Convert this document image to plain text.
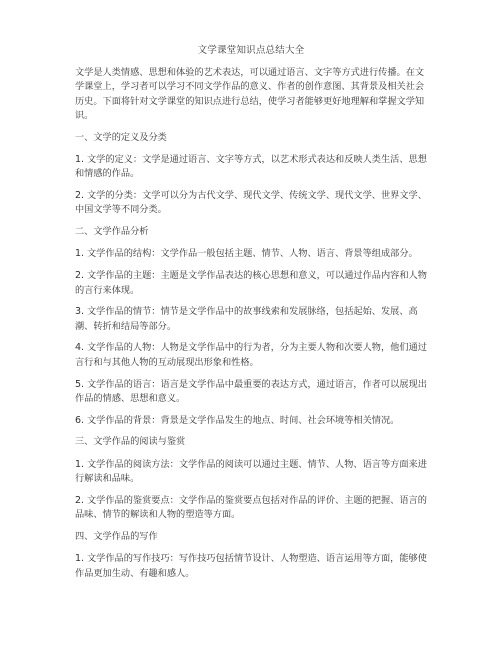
文学课堂知识点总结大全

文学是人类情感、思想和体验的艺术表达，可以通过语言、文字等方式进行传播。在文学课堂上，学习者可以学习不同文学作品的意义、作者的创作意图、其背景及相关社会历史。下面将针对文学课堂的知识点进行总结，使学习者能够更好地理解和掌握文学知识。

一、文学的定义及分类

1. 文学的定义：文学是通过语言、文字等方式，以艺术形式表达和反映人类生活、思想和情感的作品。

2. 文学的分类：文学可以分为古代文学、现代文学、传统文学、现代文学、世界文学、中国文学等不同分类。

二、文学作品分析

1. 文学作品的结构：文学作品一般包括主题、情节、人物、语言、背景等组成部分。

2. 文学作品的主题：主题是文学作品表达的核心思想和意义，可以通过作品内容和人物的言行来体现。

3. 文学作品的情节：情节是文学作品中的故事线索和发展脉络，包括起始、发展、高潮、转折和结局等部分。

4. 文学作品的人物：人物是文学作品中的行为者，分为主要人物和次要人物，他们通过言行和与其他人物的互动展现出形象和性格。

5. 文学作品的语言：语言是文学作品中最重要的表达方式，通过语言，作者可以展现出作品的情感、思想和意义。

6. 文学作品的背景：背景是文学作品发生的地点、时间、社会环境等相关情况。

三、文学作品的阅读与鉴赏

1. 文学作品的阅读方法：文学作品的阅读可以通过主题、情节、人物、语言等方面来进行解读和品味。

2. 文学作品的鉴赏要点：文学作品的鉴赏要点包括对作品的评价、主题的把握、语言的品味、情节的解读和人物的塑造等方面。

四、文学作品的写作

1. 文学作品的写作技巧：写作技巧包括情节设计、人物塑造、语言运用等方面，能够使作品更加生动、有趣和感人。
